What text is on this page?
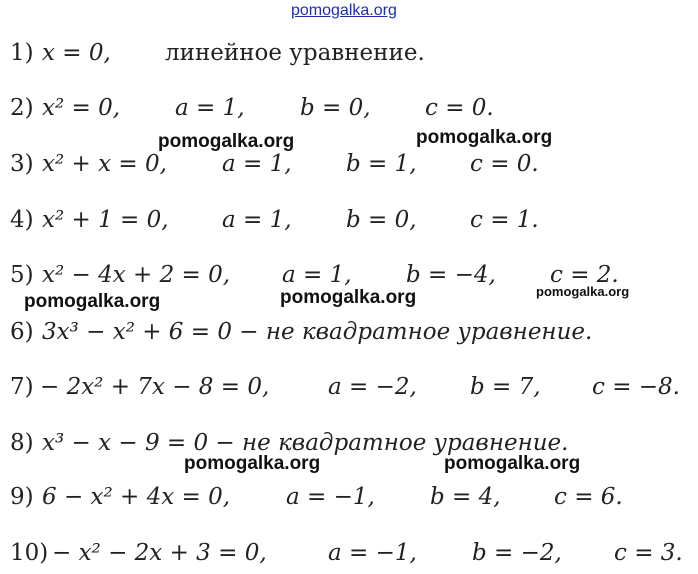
pomogalka.org
1) x = 0, линейное уравнение.
2) x² = 0, a = 1, b = 0, c = 0.
3) x² + x = 0, a = 1, b = 1, c = 0.
4) x² + 1 = 0, a = 1, b = 0, c = 1.
5) x² − 4x + 2 = 0, a = 1, b = −4, c = 2.
6) 3x³ − x² + 6 = 0 − не квадратное уравнение.
7) − 2x² + 7x − 8 = 0,	a = −2, b = 7, c = −8.
8) x³ − x − 9 = 0 − не квадратное уравнение.
9) 6 − x² + 4x = 0, a = −1, b = 4, c = 6.
10) − x² − 2x + 3 = 0,	a = −1, b = −2, c = 3.
pomogalka.org	pomogalka.org
pomogalka.org	pomogalka.org	pomogalka.org
pomogalka.org	pomogalka.org
